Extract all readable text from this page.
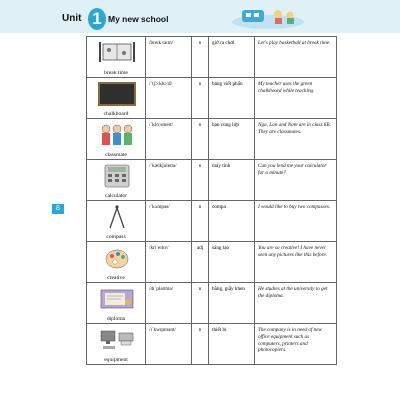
Unit 1 My new school
8
break time	/breɪk taɪm/	n	giờ ra chơi	Let's play basketball at break time.

chalkboard	/ˈtʃɔːkbɔːd/	n	bảng viết phấn	My teacher uses the green chalkboard while teaching.

classmate	/ˈklɑːsmeɪt/	n	bạn cùng lớp	Nga, Lan and Nam are in class 6B. They are classmates.

calculator	/ˈkælkjuleɪtə/	n	máy tính	Can you lend me your calculator for a minute?

compass	/ˈkʌmpəs/	n	compa	I would like to buy two compasses.

creative	/kriˈeɪtɪv/	adj	sáng tạo	You are so creative! I have never seen any pictures like this before.

diploma	/dɪˈpləʊmə/	n	bằng, giấy khen	He studies at the university to get the diploma.

equipment	/ɪˈkwɪpmənt/	n	thiết bị	The company is in need of new office equipment such as computers, printers and photocopiers.
